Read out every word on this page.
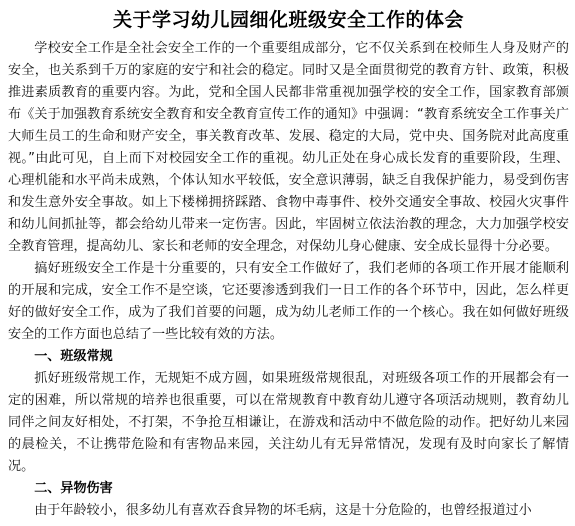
关于学习幼儿园细化班级安全工作的体会

学校安全工作是全社会安全工作的一个重要组成部分，它不仅关系到在校师生人身及财产的安全，也关系到千万的家庭的安宁和社会的稳定。同时又是全面贯彻党的教育方针、政策，积极推进素质教育的重要内容。为此，党和全国人民都非常重视加强学校的安全工作，国家教育部颁布《关于加强教育系统安全教育和安全教育宣传工作的通知》中强调：“教育系统安全工作事关广大师生员工的生命和财产安全，事关教育改革、发展、稳定的大局，党中央、国务院对此高度重视。”由此可见，自上而下对校园安全工作的重视。幼儿正处在身心成长发育的重要阶段，生理、心理机能和水平尚未成熟，个体认知水平较低，安全意识薄弱，缺乏自我保护能力，易受到伤害和发生意外安全事故。如上下楼梯拥挤踩踏、食物中毒事件、校外交通安全事故、校园火灾事件和幼儿间抓扯等，都会给幼儿带来一定伤害。因此，牢固树立依法治教的理念，大力加强学校安全教育管理，提高幼儿、家长和老师的安全理念，对保幼儿身心健康、安全成长显得十分必要。

搞好班级安全工作是十分重要的，只有安全工作做好了，我们老师的各项工作开展才能顺利的开展和完成，安全工作不是空谈，它还要渗透到我们一日工作的各个环节中，因此，怎么样更好的做好安全工作，成为了我们首要的问题，成为幼儿老师工作的一个核心。我在如何做好班级安全的工作方面也总结了一些比较有效的方法。

一、班级常规

抓好班级常规工作，无规矩不成方圆，如果班级常规很乱，对班级各项工作的开展都会有一定的困难，所以常规的培养也很重要，可以在常规教育中教育幼儿遵守各项活动规则，教育幼儿同伴之间友好相处，不打架，不争抢互相谦让，在游戏和活动中不做危险的动作。把好幼儿来园的晨检关，不让携带危险和有害物品来园，关注幼儿有无异常情况，发现有及时向家长了解情况。

二、异物伤害

由于年龄较小，很多幼儿有喜欢吞食异物的坏毛病，这是十分危险的，也曾经报道过小
